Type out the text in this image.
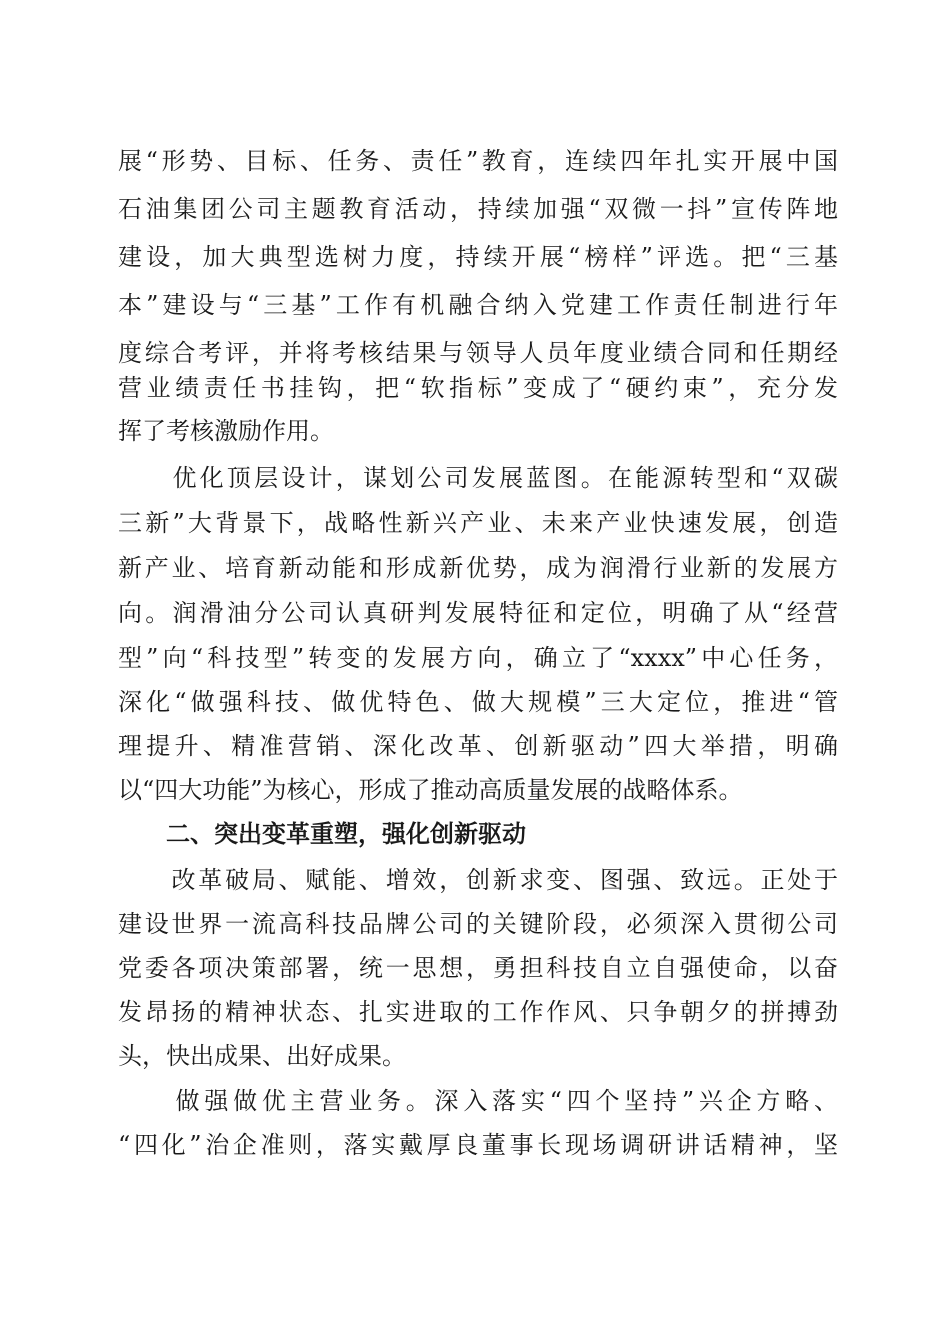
展“形势、目标、任务、责任”教育，连续四年扎实开展中国
石油集团公司主题教育活动，持续加强“双微一抖”宣传阵地
建设，加大典型选树力度，持续开展“榜样”评选。把“三基
本”建设与“三基”工作有机融合纳入党建工作责任制进行年
度综合考评，并将考核结果与领导人员年度业绩合同和任期经
营业绩责任书挂钩，把“软指标”变成了“硬约束”，充分发
挥了考核激励作用。
　　优化顶层设计，谋划公司发展蓝图。在能源转型和“双碳
三新”大背景下，战略性新兴产业、未来产业快速发展，创造
新产业、培育新动能和形成新优势，成为润滑行业新的发展方
向。润滑油分公司认真研判发展特征和定位，明确了从“经营
型”向“科技型”转变的发展方向，确立了“xxxx”中心任务，
深化“做强科技、做优特色、做大规模”三大定位，推进“管
理提升、精准营销、深化改革、创新驱动”四大举措，明确
以“四大功能”为核心，形成了推动高质量发展的战略体系。
　　二、突出变革重塑，强化创新驱动
　　改革破局、赋能、增效，创新求变、图强、致远。正处于
建设世界一流高科技品牌公司的关键阶段，必须深入贯彻公司
党委各项决策部署，统一思想，勇担科技自立自强使命，以奋
发昂扬的精神状态、扎实进取的工作作风、只争朝夕的拼搏劲
头，快出成果、出好成果。
　　做强做优主营业务。深入落实“四个坚持”兴企方略、
“四化”治企准则，落实戴厚良董事长现场调研讲话精神，坚
